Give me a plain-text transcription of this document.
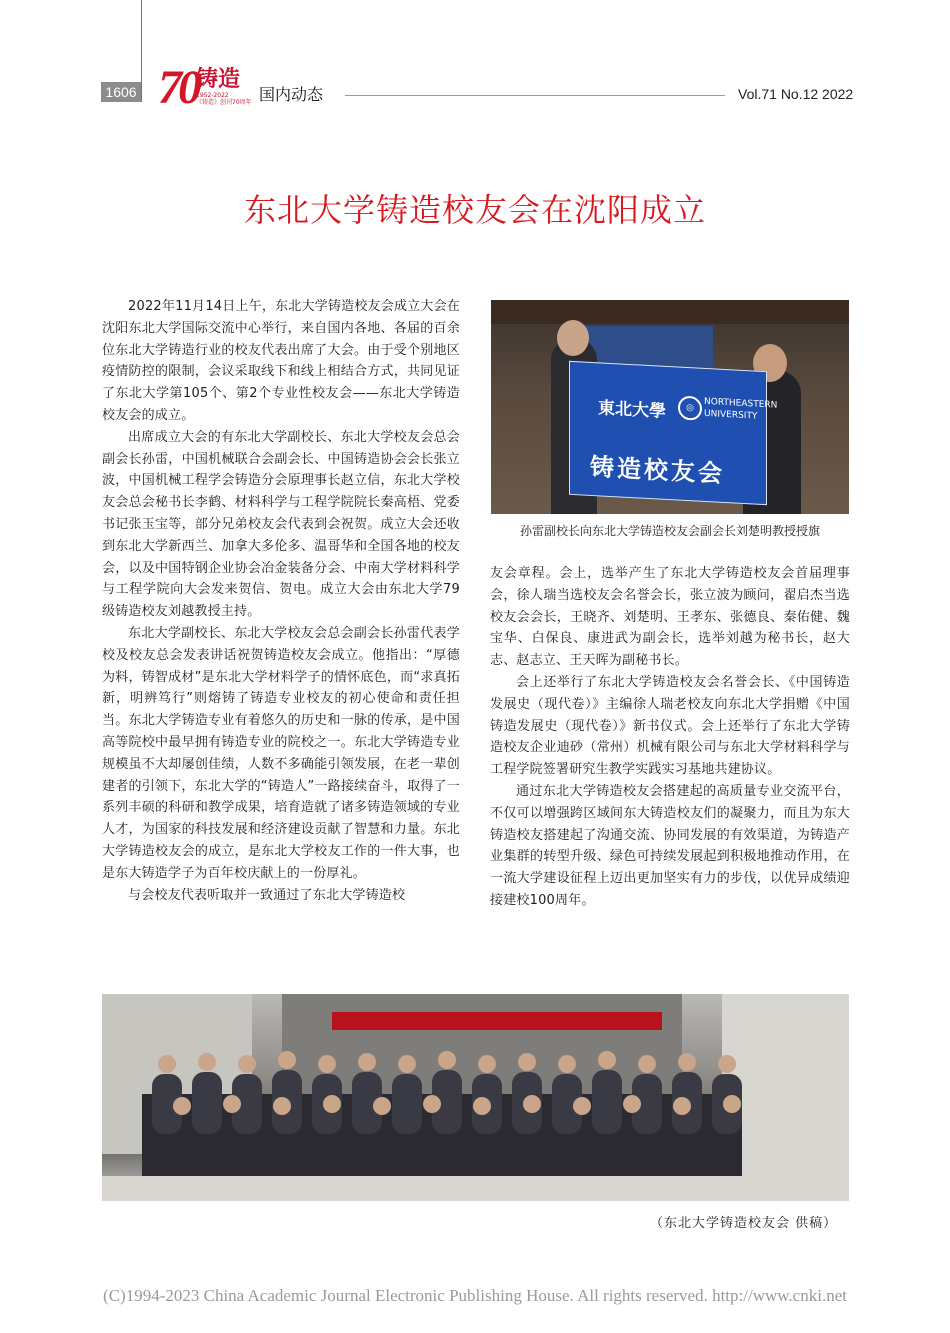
1606 70
铸造
1952-2022
《铸造》创刊70周年 国内动态	Vol.71 No.12 2022
东北大学铸造校友会在沈阳成立

2022年11月14日上午，东北大学铸造校友会成立大会在沈阳东北大学国际交流中心举行，来自国内各地、各届的百余位东北大学铸造行业的校友代表出席了大会。由于受个别地区疫情防控的限制，会议采取线下和线上相结合方式，共同见证了东北大学第105个、第2个专业性校友会——东北大学铸造校友会的成立。

出席成立大会的有东北大学副校长、东北大学校友会总会副会长孙雷，中国机械联合会副会长、中国铸造协会会长张立波，中国机械工程学会铸造分会原理事长赵立信，东北大学校友会总会秘书长李鹤、材料科学与工程学院院长秦高梧、党委书记张玉宝等，部分兄弟校友会代表到会祝贺。成立大会还收到东北大学新西兰、加拿大多伦多、温哥华和全国各地的校友会，以及中国特钢企业协会冶金装备分会、中南大学材料科学与工程学院向大会发来贺信、贺电。成立大会由东北大学79级铸造校友刘越教授主持。

东北大学副校长、东北大学校友会总会副会长孙雷代表学校及校友总会发表讲话祝贺铸造校友会成立。他指出：“厚德为料，铸智成材”是东北大学材料学子的情怀底色，而“求真拓新，明辨笃行”则熔铸了铸造专业校友的初心使命和责任担当。东北大学铸造专业有着悠久的历史和一脉的传承，是中国高等院校中最早拥有铸造专业的院校之一。东北大学铸造专业规模虽不大却屡创佳绩，人数不多确能引领发展，在老一辈创建者的引领下，东北大学的“铸造人”一路接续奋斗，取得了一系列丰硕的科研和教学成果，培育造就了诸多铸造领域的专业人才，为国家的科技发展和经济建设贡献了智慧和力量。东北大学铸造校友会的成立，是东北大学校友工作的一件大事，也是东大铸造学子为百年校庆献上的一份厚礼。

与会校友代表听取并一致通过了东北大学铸造校

東北大學	◎	NORTHEASTERN
UNIVERSITY
铸造校友会
孙雷副校长向东北大学铸造校友会副会长刘楚明教授授旗

友会章程。会上，选举产生了东北大学铸造校友会首届理事会，徐人瑞当选校友会名誉会长，张立波为顾问，翟启杰当选校友会会长，王晓齐、刘楚明、王孝东、张德良、秦佑健、魏宝华、白保良、康进武为副会长，选举刘越为秘书长，赵大志、赵志立、王天晖为副秘书长。

会上还举行了东北大学铸造校友会名誉会长、《中国铸造发展史（现代卷）》主编徐人瑞老校友向东北大学捐赠《中国铸造发展史（现代卷）》新书仪式。会上还举行了东北大学铸造校友企业迪砂（常州）机械有限公司与东北大学材料科学与工程学院签署研究生教学实践实习基地共建协议。

通过东北大学铸造校友会搭建起的高质量专业交流平台，不仅可以增强跨区域间东大铸造校友们的凝聚力，而且为东大铸造校友搭建起了沟通交流、协同发展的有效渠道，为铸造产业集群的转型升级、绿色可持续发展起到积极地推动作用，在一流大学建设征程上迈出更加坚实有力的步伐，以优异成绩迎接建校100周年。

（东北大学铸造校友会 供稿）
(C)1994-2023 China Academic Journal Electronic Publishing House. All rights reserved. http://www.cnki.net
